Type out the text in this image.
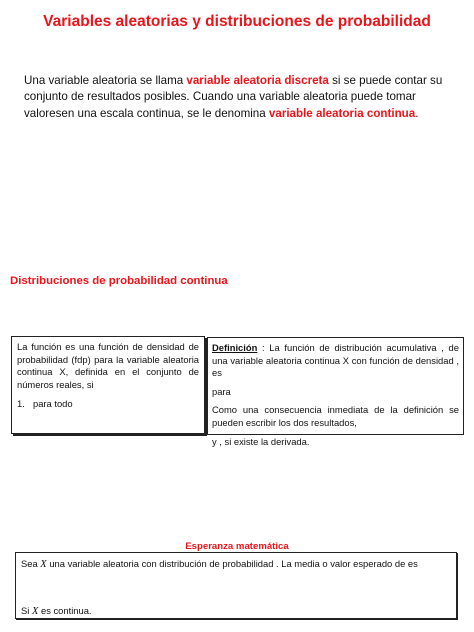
Variables aleatorias y distribuciones de probabilidad
Una variable aleatoria se llama variable aleatoria discreta si se puede contar su conjunto de resultados posibles. Cuando una variable aleatoria puede tomar valoresen una escala continua, se le denomina variable aleatoria continua.
Distribuciones de probabilidad continua
La función es una función de densidad de probabilidad (fdp) para la variable aleatoria continua X, definida en el conjunto de números reales, si
1. para todo
Definición : La función de distribución acumulativa , de una variable aleatoria continua X con función de densidad , es
para
Como una consecuencia inmediata de la definición se pueden escribir los dos resultados,
y , si existe la derivada.
Esperanza matemática
Sea X una variable aleatoria con distribución de probabilidad . La media o valor esperado de es
Si X es continua.
